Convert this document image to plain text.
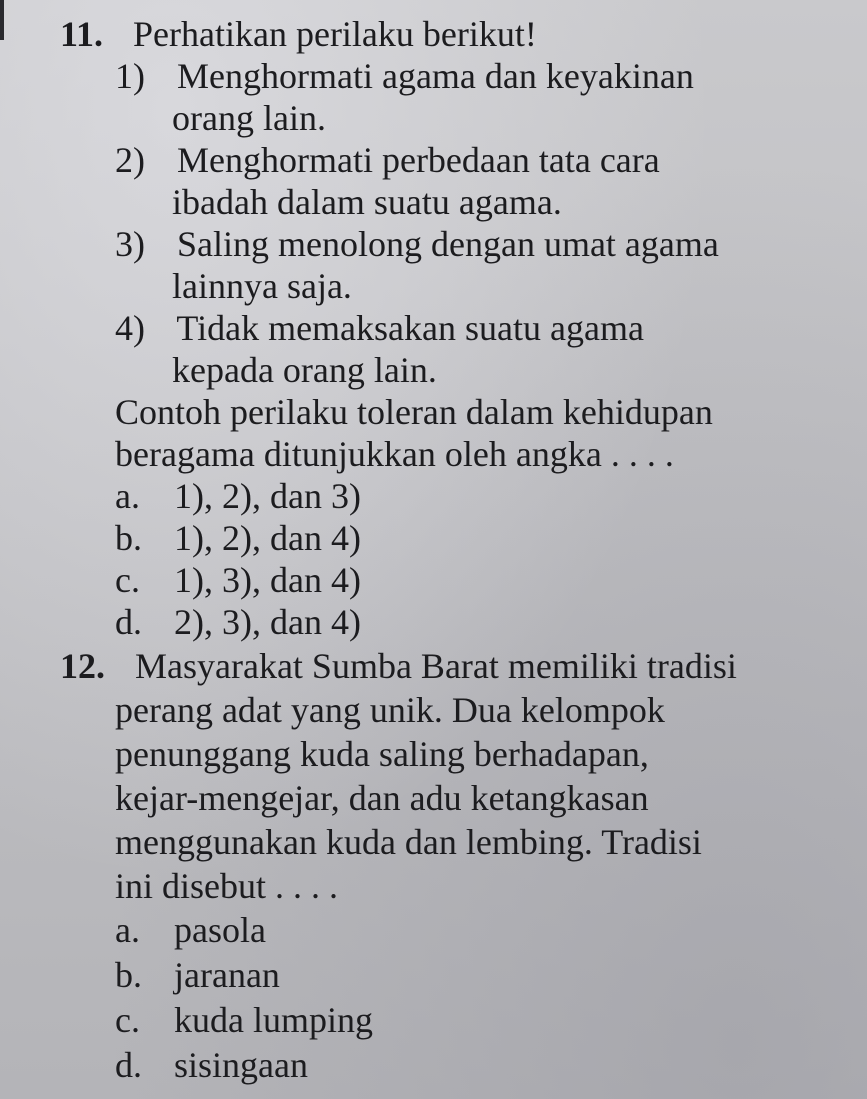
11. Perhatikan perilaku berikut!
1) Menghormati agama dan keyakinan
orang lain.
2) Menghormati perbedaan tata cara
ibadah dalam suatu agama.
3) Saling menolong dengan umat agama
lainnya saja.
4) Tidak memaksakan suatu agama
kepada orang lain.
Contoh perilaku toleran dalam kehidupan
beragama ditunjukkan oleh angka . . . .
a. 1), 2), dan 3)
b. 1), 2), dan 4)
c. 1), 3), dan 4)
d. 2), 3), dan 4)
12. Masyarakat Sumba Barat memiliki tradisi
perang adat yang unik. Dua kelompok
penunggang kuda saling berhadapan,
kejar-mengejar, dan adu ketangkasan
menggunakan kuda dan lembing. Tradisi
ini disebut . . . .
a. pasola
b. jaranan
c. kuda lumping
d. sisingaan
